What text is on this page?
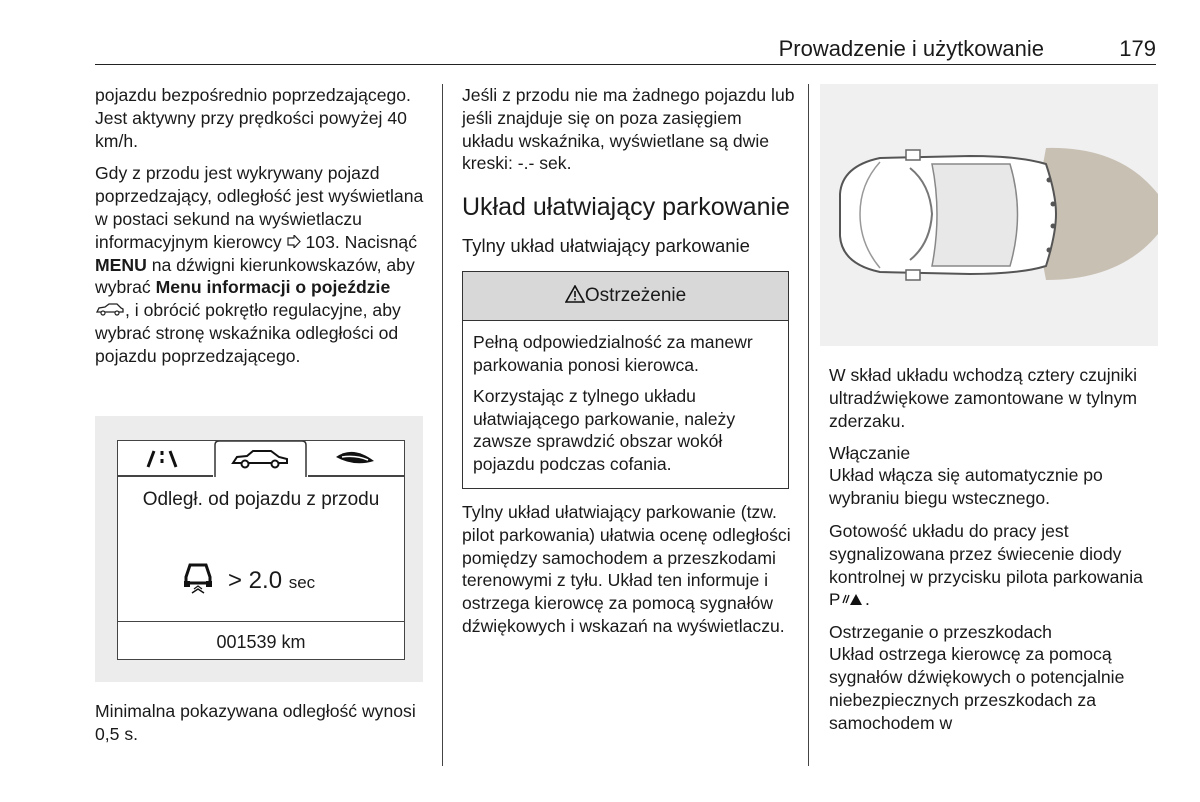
Prowadzenie i użytkowanie	179

pojazdu bezpośrednio poprzedzającego. Jest aktywny przy prędkości powyżej 40 km/h.

Gdy z przodu jest wykrywany pojazd poprzedzający, odległość jest wyświetlana w postaci sekund na wyświetlaczu informacyjnym kierowcy  103. Nacisnąć MENU na dźwigni kierunkowskazów, aby wybrać Menu informacji o pojeździe , i obrócić pokrętło regulacyjne, aby wybrać stronę wskaźnika odległości od pojazdu poprzedzającego.

Odległ. od pojazdu z przodu
> 2.0 sec
001539 km

Minimalna pokazywana odległość wynosi 0,5 s.

Jeśli z przodu nie ma żadnego pojazdu lub jeśli znajduje się on poza zasięgiem układu wskaźnika, wyświetlane są dwie kreski: -.- sek.

Układ ułatwiający parkowanie
Tylny układ ułatwiający parkowanie
Ostrzeżenie

Pełną odpowiedzialność za manewr parkowania ponosi kierowca.

Korzystając z tylnego układu ułatwiającego parkowanie, należy zawsze sprawdzić obszar wokół pojazdu podczas cofania.

Tylny układ ułatwiający parkowanie (tzw. pilot parkowania) ułatwia ocenę odległości pomiędzy samochodem a przeszkodami terenowymi z tyłu. Układ ten informuje i ostrzega kierowcę za pomocą sygnałów dźwiękowych i wskazań na wyświetlaczu.

W skład układu wchodzą cztery czujniki ultradźwiękowe zamontowane w tylnym zderzaku.

Włączanie

Układ włącza się automatycznie po wybraniu biegu wstecznego.

Gotowość układu do pracy jest sygnalizowana przez świecenie diody kontrolnej w przycisku pilota parkowania
P .

Ostrzeganie o przeszkodach

Układ ostrzega kierowcę za pomocą sygnałów dźwiękowych o potencjalnie niebezpiecznych przeszkodach za samochodem w
